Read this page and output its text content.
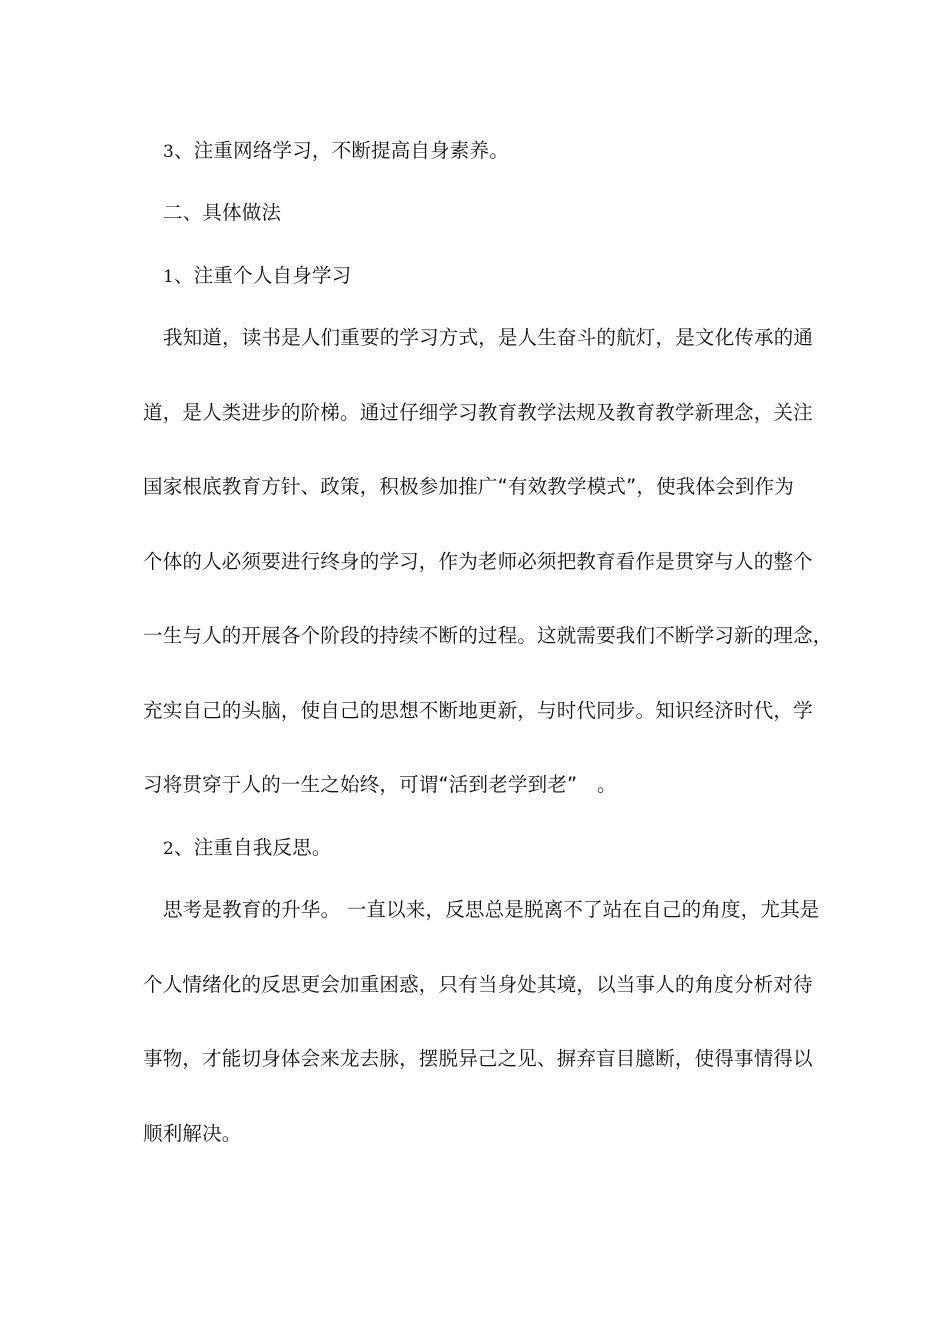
3、注重网络学习，不断提高自身素养。
二、具体做法
1、注重个人自身学习
我知道，读书是人们重要的学习方式，是人生奋斗的航灯，是文化传承的通
道，是人类进步的阶梯。通过仔细学习教育教学法规及教育教学新理念，关注
国家根底教育方针、政策，积极参加推广“有效教学模式”，使我体会到作为
个体的人必须要进行终身的学习，作为老师必须把教育看作是贯穿与人的整个
一生与人的开展各个阶段的持续不断的过程。这就需要我们不断学习新的理念，
充实自己的头脑，使自己的思想不断地更新，与时代同步。知识经济时代，学
习将贯穿于人的一生之始终，可谓“活到老学到老”　。
2、注重自我反思。
思考是教育的升华。 一直以来，反思总是脱离不了站在自己的角度，尤其是
个人情绪化的反思更会加重困惑，只有当身处其境，以当事人的角度分析对待
事物，才能切身体会来龙去脉，摆脱异己之见、摒弃盲目臆断，使得事情得以
顺利解决。
